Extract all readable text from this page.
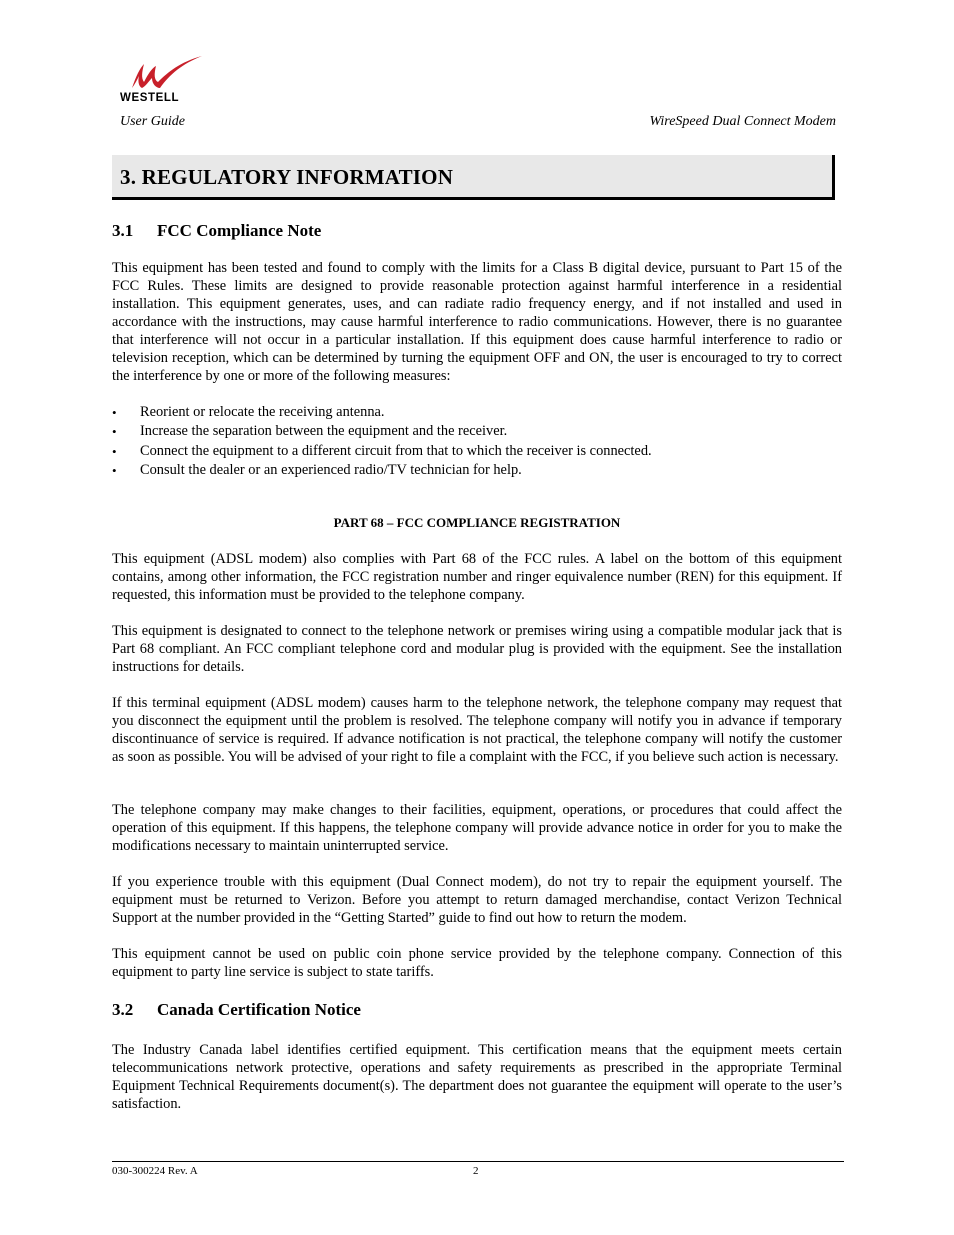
WESTELL
User Guide	WireSpeed Dual Connect Modem
3. REGULATORY INFORMATION
3.1 FCC Compliance Note
This equipment has been tested and found to comply with the limits for a Class B digital device, pursuant to Part 15 of the FCC Rules. These limits are designed to provide reasonable protection against harmful interference in a residential installation. This equipment generates, uses, and can radiate radio frequency energy, and if not installed and used in accordance with the instructions, may cause harmful interference to radio communications. However, there is no guarantee that interference will not occur in a particular installation. If this equipment does cause harmful interference to radio or television reception, which can be determined by turning the equipment OFF and ON, the user is encouraged to try to correct the interference by one or more of the following measures:
• Reorient or relocate the receiving antenna.
• Increase the separation between the equipment and the receiver.
• Connect the equipment to a different circuit from that to which the receiver is connected.
• Consult the dealer or an experienced radio/TV technician for help.
PART 68 – FCC COMPLIANCE REGISTRATION
This equipment (ADSL modem) also complies with Part 68 of the FCC rules. A label on the bottom of this equipment contains, among other information, the FCC registration number and ringer equivalence number (REN) for this equipment. If requested, this information must be provided to the telephone company.
This equipment is designated to connect to the telephone network or premises wiring using a compatible modular jack that is Part 68 compliant. An FCC compliant telephone cord and modular plug is provided with the equipment. See the installation instructions for details.
If this terminal equipment (ADSL modem) causes harm to the telephone network, the telephone company may request that you disconnect the equipment until the problem is resolved. The telephone company will notify you in advance if temporary discontinuance of service is required. If advance notification is not practical, the telephone company will notify the customer as soon as possible. You will be advised of your right to file a complaint with the FCC, if you believe such action is necessary.
The telephone company may make changes to their facilities, equipment, operations, or procedures that could affect the operation of this equipment. If this happens, the telephone company will provide advance notice in order for you to make the modifications necessary to maintain uninterrupted service.
If you experience trouble with this equipment (Dual Connect modem), do not try to repair the equipment yourself. The equipment must be returned to Verizon. Before you attempt to return damaged merchandise, contact Verizon Technical Support at the number provided in the “Getting Started” guide to find out how to return the modem.
This equipment cannot be used on public coin phone service provided by the telephone company. Connection of this equipment to party line service is subject to state tariffs.
3.2 Canada Certification Notice
The Industry Canada label identifies certified equipment. This certification means that the equipment meets certain telecommunications network protective, operations and safety requirements as prescribed in the appropriate Terminal Equipment Technical Requirements document(s). The department does not guarantee the equipment will operate to the user’s satisfaction.
030-300224 Rev. A	2
